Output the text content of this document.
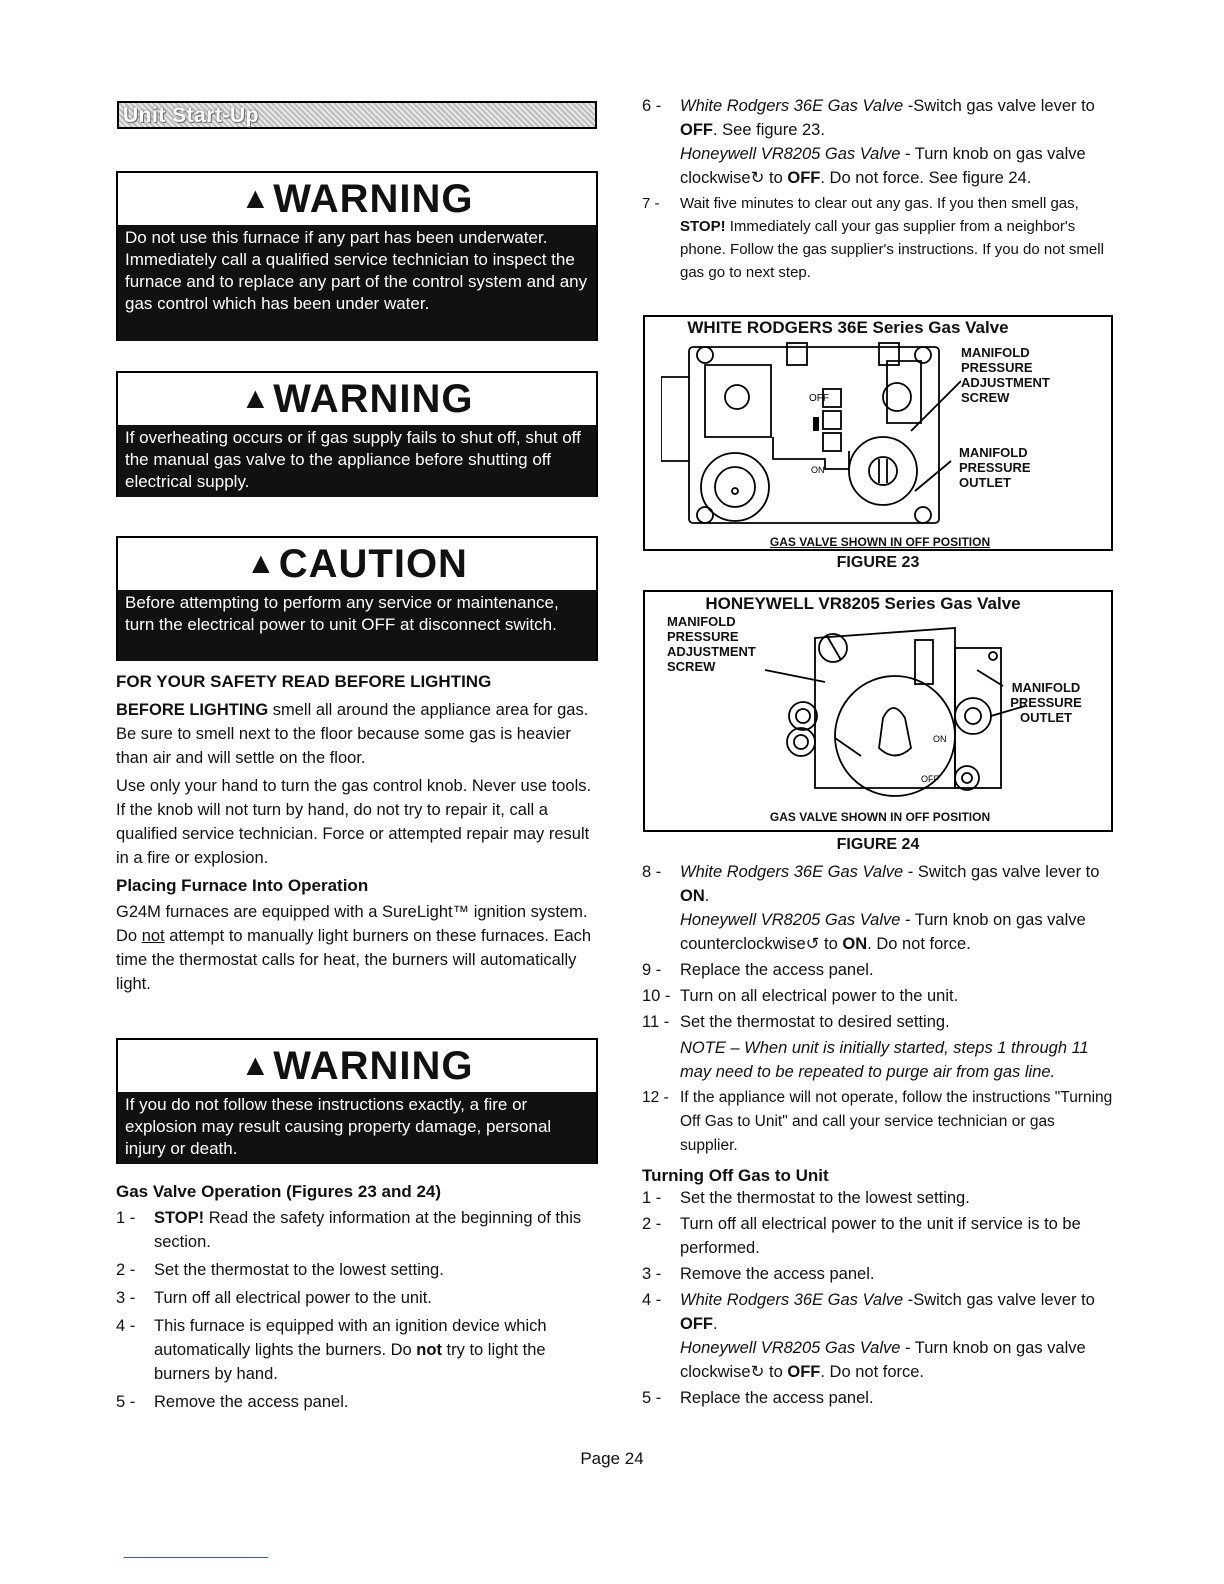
Unit Start-Up
▲ WARNING
Do not use this furnace if any part has been underwater. Immediately call a qualified service technician to inspect the furnace and to replace any part of the control system and any gas control which has been under water.
▲ WARNING
If overheating occurs or if gas supply fails to shut off, shut off the manual gas valve to the appliance before shutting off electrical supply.
▲ CAUTION
Before attempting to perform any service or maintenance, turn the electrical power to unit OFF at disconnect switch.
FOR YOUR SAFETY READ BEFORE LIGHTING

BEFORE LIGHTING smell all around the appliance area for gas. Be sure to smell next to the floor because some gas is heavier than air and will settle on the floor.

Use only your hand to turn the gas control knob. Never use tools. If the knob will not turn by hand, do not try to repair it, call a qualified service technician. Force or attempted repair may result in a fire or explosion.

Placing Furnace Into Operation

G24M furnaces are equipped with a SureLight™ ignition system. Do not attempt to manually light burners on these furnaces. Each time the thermostat calls for heat, the burners will automatically light.

▲ WARNING
If you do not follow these instructions exactly, a fire or explosion may result causing property damage, personal injury or death.
Gas Valve Operation (Figures 23 and 24)
1 - STOP! Read the safety information at the beginning of this section.
2 - Set the thermostat to the lowest setting.
3 - Turn off all electrical power to the unit.
4 - This furnace is equipped with an ignition device which automatically lights the burners. Do not try to light the burners by hand.
5 - Remove the access panel.
6 - White Rodgers 36E Gas Valve -Switch gas valve lever to OFF. See figure 23.
Honeywell VR8205 Gas Valve - Turn knob on gas valve clockwise↻ to OFF. Do not force. See figure 24.
7 - Wait five minutes to clear out any gas. If you then smell gas, STOP! Immediately call your gas supplier from a neighbor's phone. Follow the gas supplier's instructions. If you do not smell gas go to next step.
WHITE RODGERS 36E Series Gas Valve
OFF
ON
MANIFOLD PRESSURE ADJUSTMENT SCREW
MANIFOLD PRESSURE OUTLET
GAS VALVE SHOWN IN OFF POSITION
FIGURE 23
HONEYWELL VR8205 Series Gas Valve
MANIFOLD PRESSURE ADJUSTMENT SCREW
ON
OFF
MANIFOLD PRESSURE OUTLET
GAS VALVE SHOWN IN OFF POSITION
FIGURE 24
8 - White Rodgers 36E Gas Valve - Switch gas valve lever to ON.
Honeywell VR8205 Gas Valve - Turn knob on gas valve counterclockwise↺ to ON. Do not force.
9 - Replace the access panel.
10 - Turn on all electrical power to the unit.
11 - Set the thermostat to desired setting.
NOTE – When unit is initially started, steps 1 through 11 may need to be repeated to purge air from gas line.
12 - If the appliance will not operate, follow the instructions "Turning Off Gas to Unit" and call your service technician or gas supplier.
Turning Off Gas to Unit
1 - Set the thermostat to the lowest setting.
2 - Turn off all electrical power to the unit if service is to be performed.
3 - Remove the access panel.
4 - White Rodgers 36E Gas Valve -Switch gas valve lever to OFF.
Honeywell VR8205 Gas Valve - Turn knob on gas valve clockwise↻ to OFF. Do not force.
5 - Replace the access panel.
Page 24
